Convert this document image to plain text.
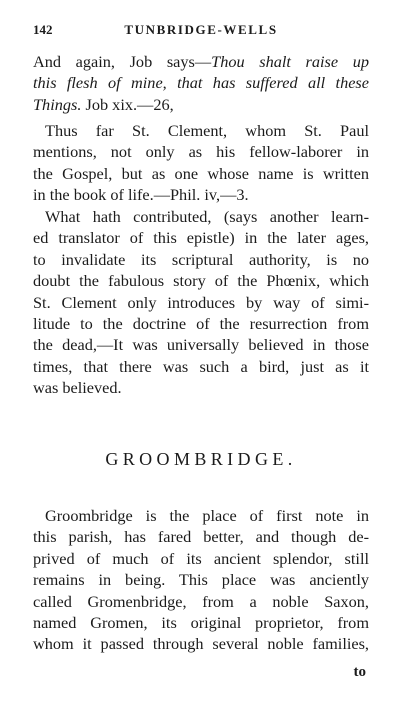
142	TUNBRIDGE-WELLS
And again, Job says—Thou shalt raise up
this flesh of mine, that has suffered all these
Things. Job xix.—26,
Thus far St. Clement, whom St. Paul
mentions, not only as his fellow-laborer in
the Gospel, but as one whose name is written
in the book of life.—Phil. iv,—3.
What hath contributed, (says another learn-
ed translator of this epistle) in the later ages,
to invalidate its scriptural authority, is no
doubt the fabulous story of the Phœnix, which
St. Clement only introduces by way of simi-
litude to the doctrine of the resurrection from
the dead,—It was universally believed in those
times, that there was such a bird, just as it
was believed.
GROOMBRIDGE.
Groombridge is the place of first note in
this parish, has fared better, and though de-
prived of much of its ancient splendor, still
remains in being. This place was anciently
called Gromenbridge, from a noble Saxon,
named Gromen, its original proprietor, from
whom it passed through several noble families,
to
